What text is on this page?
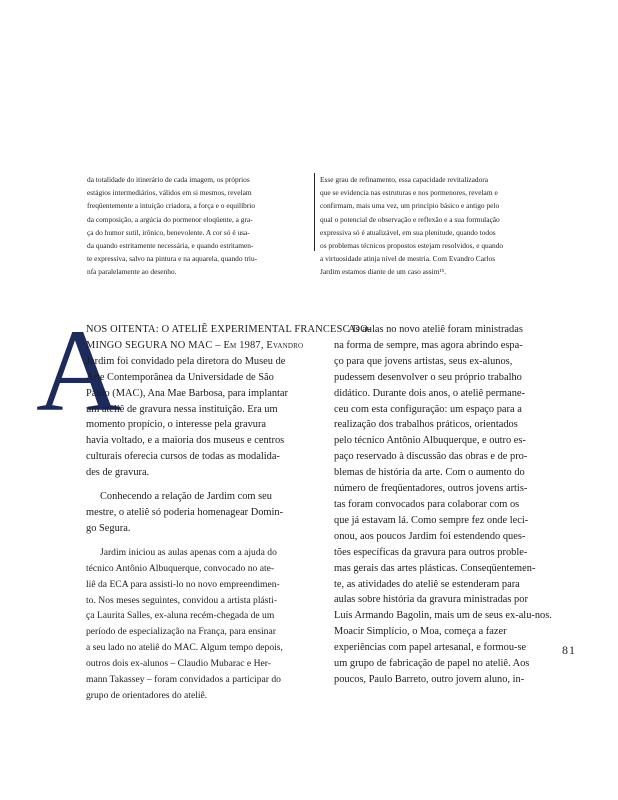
da totalidade do itinerário de cada imagem, os próprios
estágios intermediários, válidos em si mesmos, revelam
freqüentemente a intuição criadora, a força e o equilíbrio
da composição, a argúcia do pormenor eloqüente, a gra-
ça do humor sutil, irônico, benevolente. A cor só é usa-
da quando estritamente necessária, e quando estritamen-
te expressiva, salvo na pintura e na aquarela, quando triu-
nfa paralelamente ao desenho.
Esse grau de refinamento, essa capacidade revitalizadora
que se evidencia nas estruturas e nos pormenores, revelam e
confirmam, mais uma vez, um princípio básico e antigo pelo
qual o potencial de observação e reflexão e a sua formulação
expressiva só é atualizável, em sua plenitude, quando todos
os problemas técnicos propostos estejam resolvidos, e quando
a virtuosidade atinja nível de mestria. Com Evandro Carlos
Jardim estamos diante de um caso assim¹⁵.
A
NOS OITENTA: O ATELIÊ EXPERIMENTAL FRANCESC DO-
MINGO SEGURA NO MAC – Em 1987, Evandro
Jardim foi convidado pela diretora do Museu de
Arte Contemporânea da Universidade de São
Paulo (MAC), Ana Mae Barbosa, para implantar
um ateliê de gravura nessa instituição. Era um
momento propício, o interesse pela gravura
havia voltado, e a maioria dos museus e centros
culturais oferecia cursos de todas as modalida-
des de gravura.
Conhecendo a relação de Jardim com seu
mestre, o ateliê só poderia homenagear Domin-
go Segura.
Jardim iniciou as aulas apenas com a ajuda do
técnico Antônio Albuquerque, convocado no ate-
liê da ECA para assisti-lo no novo empreendimen-
to. Nos meses seguintes, convidou a artista plásti-
ça Laurita Salles, ex-aluna recém-chegada de um
período de especialização na França, para ensinar
a seu lado no ateliê do MAC. Algum tempo depois,
outros dois ex-alunos – Claudio Mubarac e Her-
mann Takassey – foram convidados a participar do
grupo de orientadores do ateliê.
As aulas no novo ateliê foram ministradas
na forma de sempre, mas agora abrindo espa-
ço para que jovens artistas, seus ex-alunos,
pudessem desenvolver o seu próprio trabalho
didático. Durante dois anos, o ateliê permane-
ceu com esta configuração: um espaço para a
realização dos trabalhos práticos, orientados
pelo técnico Antônio Albuquerque, e outro es-
paço reservado à discussão das obras e de pro-
blemas de história da arte. Com o aumento do
número de freqüentadores, outros jovens artis-
tas foram convocados para colaborar com os
que já estavam lá. Como sempre fez onde leci-
onou, aos poucos Jardim foi estendendo ques-
tões específicas da gravura para outros proble-
mas gerais das artes plásticas. Conseqüentemen-
te, as atividades do ateliê se estenderam para
aulas sobre história da gravura ministradas por
Luís Armando Bagolin, mais um de seus ex-alu-nos.
Moacir Simplício, o Moa, começa a fazer
experiências com papel artesanal, e formou-se
um grupo de fabricação de papel no ateliê. Aos
poucos, Paulo Barreto, outro jovem aluno, in-
81
